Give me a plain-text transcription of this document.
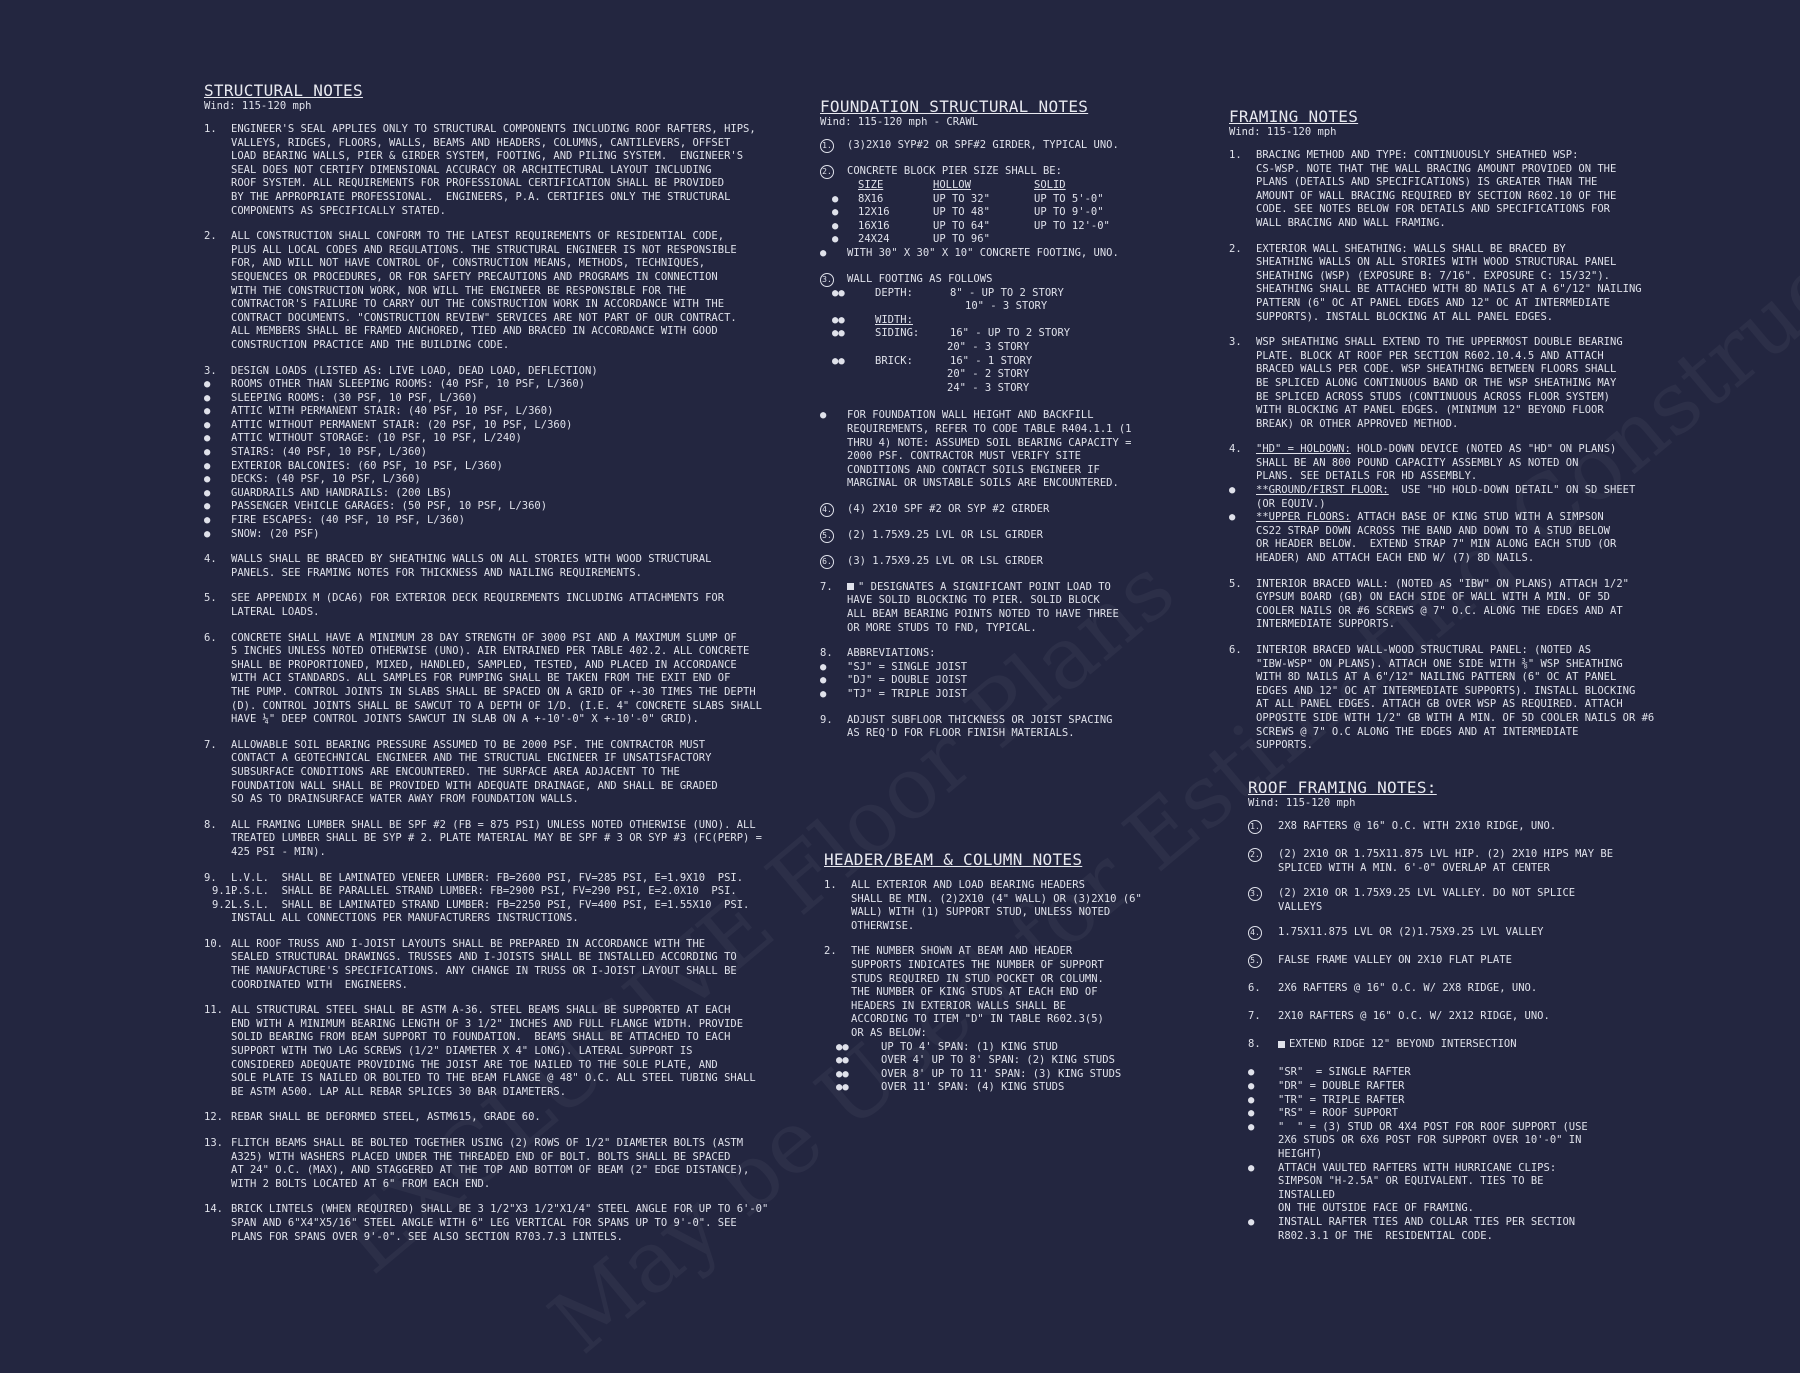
STRUCTURAL NOTES
Wind: 115-120 mph
1.	ENGINEER'S SEAL APPLIES ONLY TO STRUCTURAL COMPONENTS INCLUDING ROOF RAFTERS, HIPS,
VALLEYS, RIDGES, FLOORS, WALLS, BEAMS AND HEADERS, COLUMNS, CANTILEVERS, OFFSET
LOAD BEARING WALLS, PIER & GIRDER SYSTEM, FOOTING, AND PILING SYSTEM.  ENGINEER'S
SEAL DOES NOT CERTIFY DIMENSIONAL ACCURACY OR ARCHITECTURAL LAYOUT INCLUDING
ROOF SYSTEM. ALL REQUIREMENTS FOR PROFESSIONAL CERTIFICATION SHALL BE PROVIDED
BY THE APPROPRIATE PROFESSIONAL.  ENGINEERS, P.A. CERTIFIES ONLY THE STRUCTURAL
COMPONENTS AS SPECIFICALLY STATED.
2.	ALL CONSTRUCTION SHALL CONFORM TO THE LATEST REQUIREMENTS OF RESIDENTIAL CODE,
PLUS ALL LOCAL CODES AND REGULATIONS. THE STRUCTURAL ENGINEER IS NOT RESPONSIBLE
FOR, AND WILL NOT HAVE CONTROL OF, CONSTRUCTION MEANS, METHODS, TECHNIQUES,
SEQUENCES OR PROCEDURES, OR FOR SAFETY PRECAUTIONS AND PROGRAMS IN CONNECTION
WITH THE CONSTRUCTION WORK, NOR WILL THE ENGINEER BE RESPONSIBLE FOR THE
CONTRACTOR'S FAILURE TO CARRY OUT THE CONSTRUCTION WORK IN ACCORDANCE WITH THE
CONTRACT DOCUMENTS. "CONSTRUCTION REVIEW" SERVICES ARE NOT PART OF OUR CONTRACT.
ALL MEMBERS SHALL BE FRAMED ANCHORED, TIED AND BRACED IN ACCORDANCE WITH GOOD
CONSTRUCTION PRACTICE AND THE BUILDING CODE.
3.	DESIGN LOADS (LISTED AS: LIVE LOAD, DEAD LOAD, DEFLECTION)
●	ROOMS OTHER THAN SLEEPING ROOMS: (40 PSF, 10 PSF, L/360)
●	SLEEPING ROOMS: (30 PSF, 10 PSF, L/360)
●	ATTIC WITH PERMANENT STAIR: (40 PSF, 10 PSF, L/360)
●	ATTIC WITHOUT PERMANENT STAIR: (20 PSF, 10 PSF, L/360)
●	ATTIC WITHOUT STORAGE: (10 PSF, 10 PSF, L/240)
●	STAIRS: (40 PSF, 10 PSF, L/360)
●	EXTERIOR BALCONIES: (60 PSF, 10 PSF, L/360)
●	DECKS: (40 PSF, 10 PSF, L/360)
●	GUARDRAILS AND HANDRAILS: (200 LBS)
●	PASSENGER VEHICLE GARAGES: (50 PSF, 10 PSF, L/360)
●	FIRE ESCAPES: (40 PSF, 10 PSF, L/360)
●	SNOW: (20 PSF)
4.	WALLS SHALL BE BRACED BY SHEATHING WALLS ON ALL STORIES WITH WOOD STRUCTURAL
PANELS. SEE FRAMING NOTES FOR THICKNESS AND NAILING REQUIREMENTS.
5.	SEE APPENDIX M (DCA6) FOR EXTERIOR DECK REQUIREMENTS INCLUDING ATTACHMENTS FOR
LATERAL LOADS.
6.	CONCRETE SHALL HAVE A MINIMUM 28 DAY STRENGTH OF 3000 PSI AND A MAXIMUM SLUMP OF
5 INCHES UNLESS NOTED OTHERWISE (UNO). AIR ENTRAINED PER TABLE 402.2. ALL CONCRETE
SHALL BE PROPORTIONED, MIXED, HANDLED, SAMPLED, TESTED, AND PLACED IN ACCORDANCE
WITH ACI STANDARDS. ALL SAMPLES FOR PUMPING SHALL BE TAKEN FROM THE EXIT END OF
THE PUMP. CONTROL JOINTS IN SLABS SHALL BE SPACED ON A GRID OF +-30 TIMES THE DEPTH
(D). CONTROL JOINTS SHALL BE SAWCUT TO A DEPTH OF 1/D. (I.E. 4" CONCRETE SLABS SHALL
HAVE ¼" DEEP CONTROL JOINTS SAWCUT IN SLAB ON A +-10'-0" X +-10'-0" GRID).
7.	ALLOWABLE SOIL BEARING PRESSURE ASSUMED TO BE 2000 PSF. THE CONTRACTOR MUST
CONTACT A GEOTECHNICAL ENGINEER AND THE STRUCTUAL ENGINEER IF UNSATISFACTORY
SUBSURFACE CONDITIONS ARE ENCOUNTERED. THE SURFACE AREA ADJACENT TO THE
FOUNDATION WALL SHALL BE PROVIDED WITH ADEQUATE DRAINAGE, AND SHALL BE GRADED
SO AS TO DRAINSURFACE WATER AWAY FROM FOUNDATION WALLS.
8.	ALL FRAMING LUMBER SHALL BE SPF #2 (FB = 875 PSI) UNLESS NOTED OTHERWISE (UNO). ALL
TREATED LUMBER SHALL BE SYP # 2. PLATE MATERIAL MAY BE SPF # 3 OR SYP #3 (FC(PERP) =
425 PSI - MIN).
9.	L.V.L.  SHALL BE LAMINATED VENEER LUMBER: FB=2600 PSI, FV=285 PSI, E=1.9X10  PSI.
9.1.
P.S.L.  SHALL BE PARALLEL STRAND LUMBER: FB=2900 PSI, FV=290 PSI, E=2.0X10  PSI.
9.2.
L.S.L.  SHALL BE LAMINATED STRAND LUMBER: FB=2250 PSI, FV=400 PSI, E=1.55X10  PSI.
INSTALL ALL CONNECTIONS PER MANUFACTURERS INSTRUCTIONS.
10. ALL ROOF TRUSS AND I-JOIST LAYOUTS SHALL BE PREPARED IN ACCORDANCE WITH THE
SEALED STRUCTURAL DRAWINGS. TRUSSES AND I-JOISTS SHALL BE INSTALLED ACCORDING TO
THE MANUFACTURE'S SPECIFICATIONS. ANY CHANGE IN TRUSS OR I-JOIST LAYOUT SHALL BE
COORDINATED WITH  ENGINEERS.
11. ALL STRUCTURAL STEEL SHALL BE ASTM A-36. STEEL BEAMS SHALL BE SUPPORTED AT EACH
END WITH A MINIMUM BEARING LENGTH OF 3 1/2" INCHES AND FULL FLANGE WIDTH. PROVIDE
SOLID BEARING FROM BEAM SUPPORT TO FOUNDATION.  BEAMS SHALL BE ATTACHED TO EACH
SUPPORT WITH TWO LAG SCREWS (1/2" DIAMETER X 4" LONG). LATERAL SUPPORT IS
CONSIDERED ADEQUATE PROVIDING THE JOIST ARE TOE NAILED TO THE SOLE PLATE, AND
SOLE PLATE IS NAILED OR BOLTED TO THE BEAM FLANGE @ 48" O.C. ALL STEEL TUBING SHALL
BE ASTM A500. LAP ALL REBAR SPLICES 30 BAR DIAMETERS.
12. REBAR SHALL BE DEFORMED STEEL, ASTM615, GRADE 60.
13. FLITCH BEAMS SHALL BE BOLTED TOGETHER USING (2) ROWS OF 1/2" DIAMETER BOLTS (ASTM
A325) WITH WASHERS PLACED UNDER THE THREADED END OF BOLT. BOLTS SHALL BE SPACED
AT 24" O.C. (MAX), AND STAGGERED AT THE TOP AND BOTTOM OF BEAM (2" EDGE DISTANCE),
WITH 2 BOLTS LOCATED AT 6" FROM EACH END.
14. BRICK LINTELS (WHEN REQUIRED) SHALL BE 3 1/2"X3 1/2"X1/4" STEEL ANGLE FOR UP TO 6'-0"
SPAN AND 6"X4"X5/16" STEEL ANGLE WITH 6" LEG VERTICAL FOR SPANS UP TO 9'-0". SEE
PLANS FOR SPANS OVER 9'-0". SEE ALSO SECTION R703.7.3 LINTELS.
FOUNDATION STRUCTURAL NOTES
Wind: 115-120 mph - CRAWL
1. (3)2X10 SYP#2 OR SPF#2 GIRDER, TYPICAL UNO.
2. CONCRETE BLOCK PIER SIZE SHALL BE:

●
●
●
●
SIZE	HOLLOW	SOLID
8X16	UP TO 32"	UP TO 5'-0"
12X16	UP TO 48"	UP TO 9'-0"
16X16	UP TO 64"	UP TO 12'-0"
24X24	UP TO 96"	
●	WITH 30" X 30" X 10" CONCRETE FOOTING, UNO.
3. WALL FOOTING AS FOLLOWS
●●	DEPTH:	8" - UP TO 2 STORY
10" - 3 STORY
●●	WIDTH:
●●	SIDING:	16" - UP TO 2 STORY
20" - 3 STORY
●●	BRICK:	16" - 1 STORY
20" - 2 STORY
24" - 3 STORY
●	FOR FOUNDATION WALL HEIGHT AND BACKFILL
REQUIREMENTS, REFER TO CODE TABLE R404.1.1 (1
THRU 4) NOTE: ASSUMED SOIL BEARING CAPACITY =
2000 PSF. CONTRACTOR MUST VERIFY SITE
CONDITIONS AND CONTACT SOILS ENGINEER IF
MARGINAL OR UNSTABLE SOILS ARE ENCOUNTERED.
4. (4) 2X10 SPF #2 OR SYP #2 GIRDER
5. (2) 1.75X9.25 LVL OR LSL GIRDER
6. (3) 1.75X9.25 LVL OR LSL GIRDER
7.	" DESIGNATES A SIGNIFICANT POINT LOAD TO
HAVE SOLID BLOCKING TO PIER. SOLID BLOCK
ALL BEAM BEARING POINTS NOTED TO HAVE THREE
OR MORE STUDS TO FND, TYPICAL.
8.	ABBREVIATIONS:
●	"SJ" = SINGLE JOIST
●	"DJ" = DOUBLE JOIST
●	"TJ" = TRIPLE JOIST
9.	ADJUST SUBFLOOR THICKNESS OR JOIST SPACING
AS REQ'D FOR FLOOR FINISH MATERIALS.
HEADER/BEAM & COLUMN NOTES
1.	ALL EXTERIOR AND LOAD BEARING HEADERS
SHALL BE MIN. (2)2X10 (4" WALL) OR (3)2X10 (6"
WALL) WITH (1) SUPPORT STUD, UNLESS NOTED
OTHERWISE.
2.	THE NUMBER SHOWN AT BEAM AND HEADER
SUPPORTS INDICATES THE NUMBER OF SUPPORT
STUDS REQUIRED IN STUD POCKET OR COLUMN.
THE NUMBER OF KING STUDS AT EACH END OF
HEADERS IN EXTERIOR WALLS SHALL BE
ACCORDING TO ITEM "D" IN TABLE R602.3(5)
OR AS BELOW:
●●	UP TO 4' SPAN: (1) KING STUD
●●	OVER 4' UP TO 8' SPAN: (2) KING STUDS
●●	OVER 8' UP TO 11' SPAN: (3) KING STUDS
●●	OVER 11' SPAN: (4) KING STUDS
FRAMING NOTES
Wind: 115-120 mph
1.	BRACING METHOD AND TYPE: CONTINUOUSLY SHEATHED WSP:
CS-WSP. NOTE THAT THE WALL BRACING AMOUNT PROVIDED ON THE
PLANS (DETAILS AND SPECIFICATIONS) IS GREATER THAN THE
AMOUNT OF WALL BRACING REQUIRED BY SECTION R602.10 OF THE
CODE. SEE NOTES BELOW FOR DETAILS AND SPECIFICATIONS FOR
WALL BRACING AND WALL FRAMING.
2.	EXTERIOR WALL SHEATHING: WALLS SHALL BE BRACED BY
SHEATHING WALLS ON ALL STORIES WITH WOOD STRUCTURAL PANEL
SHEATHING (WSP) (EXPOSURE B: 7/16". EXPOSURE C: 15/32").
SHEATHING SHALL BE ATTACHED WITH 8D NAILS AT A 6"/12" NAILING
PATTERN (6" OC AT PANEL EDGES AND 12" OC AT INTERMEDIATE
SUPPORTS). INSTALL BLOCKING AT ALL PANEL EDGES.
3.	WSP SHEATHING SHALL EXTEND TO THE UPPERMOST DOUBLE BEARING
PLATE. BLOCK AT ROOF PER SECTION R602.10.4.5 AND ATTACH
BRACED WALLS PER CODE. WSP SHEATHING BETWEEN FLOORS SHALL
BE SPLICED ALONG CONTINUOUS BAND OR THE WSP SHEATHING MAY
BE SPLICED ACROSS STUDS (CONTINUOUS ACROSS FLOOR SYSTEM)
WITH BLOCKING AT PANEL EDGES. (MINIMUM 12" BEYOND FLOOR
BREAK) OR OTHER APPROVED METHOD.
4.	"HD" = HOLDOWN: HOLD-DOWN DEVICE (NOTED AS "HD" ON PLANS)
SHALL BE AN 800 POUND CAPACITY ASSEMBLY AS NOTED ON
PLANS. SEE DETAILS FOR HD ASSEMBLY.
●	**GROUND/FIRST FLOOR:  USE "HD HOLD-DOWN DETAIL" ON SD SHEET
(OR EQUIV.)
●	**UPPER FLOORS: ATTACH BASE OF KING STUD WITH A SIMPSON
CS22 STRAP DOWN ACROSS THE BAND AND DOWN TO A STUD BELOW
OR HEADER BELOW.  EXTEND STRAP 7" MIN ALONG EACH STUD (OR
HEADER) AND ATTACH EACH END W/ (7) 8D NAILS.
5.	INTERIOR BRACED WALL: (NOTED AS "IBW" ON PLANS) ATTACH 1/2"
GYPSUM BOARD (GB) ON EACH SIDE OF WALL WITH A MIN. OF 5D
COOLER NAILS OR #6 SCREWS @ 7" O.C. ALONG THE EDGES AND AT
INTERMEDIATE SUPPORTS.
6.	INTERIOR BRACED WALL-WOOD STRUCTURAL PANEL: (NOTED AS
"IBW-WSP" ON PLANS). ATTACH ONE SIDE WITH ⅜" WSP SHEATHING
WITH 8D NAILS AT A 6"/12" NAILING PATTERN (6" OC AT PANEL
EDGES AND 12" OC AT INTERMEDIATE SUPPORTS). INSTALL BLOCKING
AT ALL PANEL EDGES. ATTACH GB OVER WSP AS REQUIRED. ATTACH
OPPOSITE SIDE WITH 1/2" GB WITH A MIN. OF 5D COOLER NAILS OR #6
SCREWS @ 7" O.C ALONG THE EDGES AND AT INTERMEDIATE
SUPPORTS.
ROOF FRAMING NOTES:
Wind: 115-120 mph
1.	2X8 RAFTERS @ 16" O.C. WITH 2X10 RIDGE, UNO.
2.	(2) 2X10 OR 1.75X11.875 LVL HIP. (2) 2X10 HIPS MAY BE
SPLICED WITH A MIN. 6'-0" OVERLAP AT CENTER
3.	(2) 2X10 OR 1.75X9.25 LVL VALLEY. DO NOT SPLICE
VALLEYS
4.	1.75X11.875 LVL OR (2)1.75X9.25 LVL VALLEY
5.	FALSE FRAME VALLEY ON 2X10 FLAT PLATE
6.	2X6 RAFTERS @ 16" O.C. W/ 2X8 RIDGE, UNO.
7.	2X10 RAFTERS @ 16" O.C. W/ 2X12 RIDGE, UNO.
8.	EXTEND RIDGE 12" BEYOND INTERSECTION
●	"SR"  = SINGLE RAFTER
●	"DR" = DOUBLE RAFTER
●	"TR" = TRIPLE RAFTER
●	"RS" = ROOF SUPPORT
●	"  " = (3) STUD OR 4X4 POST FOR ROOF SUPPORT (USE
2X6 STUDS OR 6X6 POST FOR SUPPORT OVER 10'-0" IN
HEIGHT)
●	ATTACH VAULTED RAFTERS WITH HURRICANE CLIPS:
SIMPSON "H-2.5A" OR EQUIVALENT. TIES TO BE
INSTALLED
ON THE OUTSIDE FACE OF FRAMING.
●	INSTALL RAFTER TIES AND COLLAR TIES PER SECTION
R802.3.1 OF THE  RESIDENTIAL CODE.
